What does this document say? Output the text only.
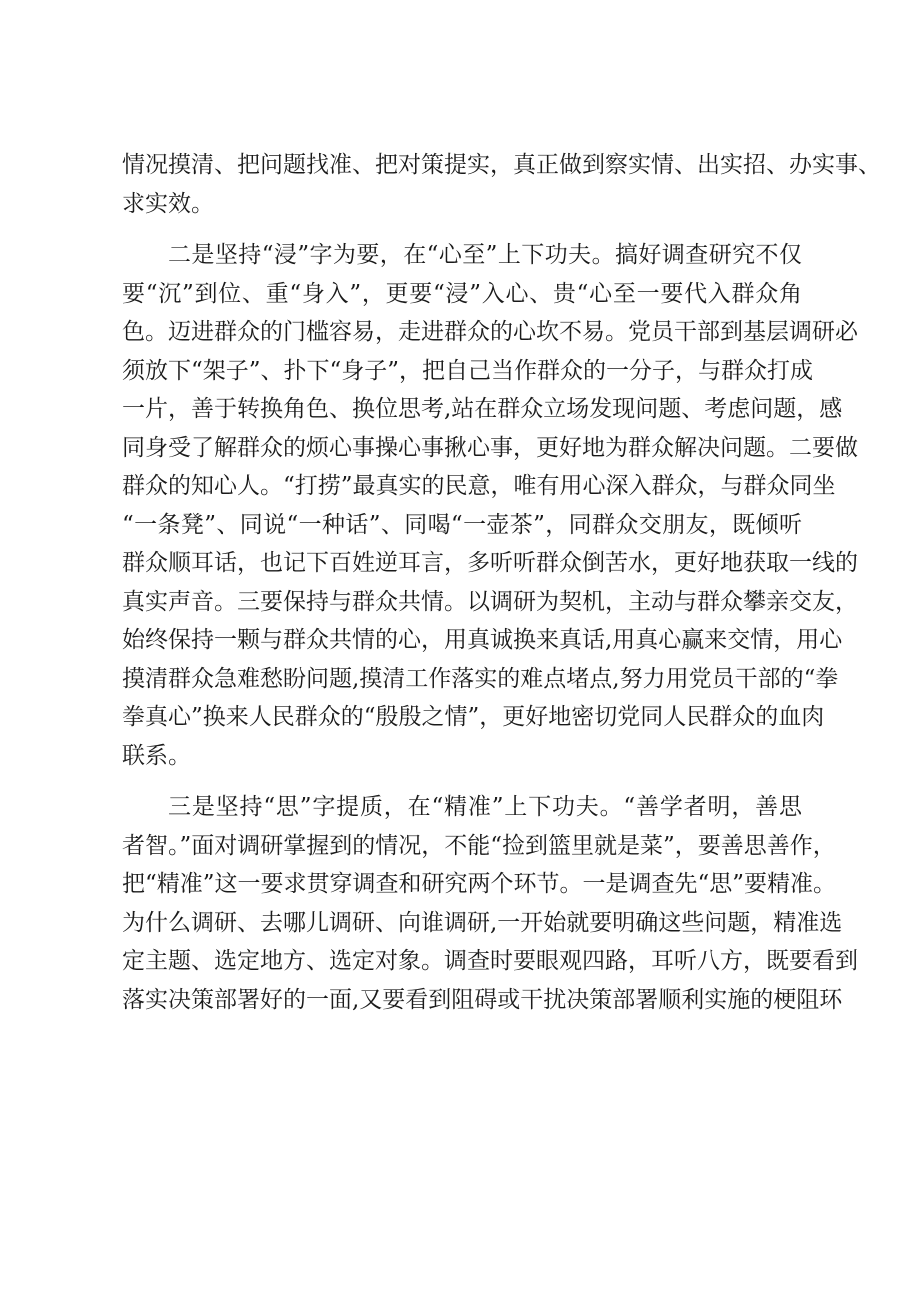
情况摸清、把问题找准、把对策提实，真正做到察实情、出实招、办实事、
求实效。
二是坚持“浸”字为要，在“心至”上下功夫。搞好调查研究不仅
要“沉”到位、重“身入”，更要“浸”入心、贵“心至一要代入群众角
色。迈进群众的门槛容易，走进群众的心坎不易。党员干部到基层调研必
须放下“架子”、扑下“身子”，把自己当作群众的一分子，与群众打成
一片，善于转换角色、换位思考,站在群众立场发现问题、考虑问题，感
同身受了解群众的烦心事操心事揪心事，更好地为群众解决问题。二要做
群众的知心人。“打捞”最真实的民意，唯有用心深入群众，与群众同坐
“一条凳”、同说“一种话”、同喝“一壶茶”，同群众交朋友，既倾听
群众顺耳话，也记下百姓逆耳言，多听听群众倒苦水，更好地获取一线的
真实声音。三要保持与群众共情。以调研为契机，主动与群众攀亲交友，
始终保持一颗与群众共情的心，用真诚换来真话,用真心赢来交情，用心
摸清群众急难愁盼问题,摸清工作落实的难点堵点,努力用党员干部的“拳
拳真心”换来人民群众的“殷殷之情”，更好地密切党同人民群众的血肉
联系。
三是坚持“思”字提质，在“精准”上下功夫。“善学者明，善思
者智。”面对调研掌握到的情况，不能“捡到篮里就是菜”，要善思善作，
把“精准”这一要求贯穿调查和研究两个环节。一是调查先“思”要精准。
为什么调研、去哪儿调研、向谁调研,一开始就要明确这些问题，精准选
定主题、选定地方、选定对象。调查时要眼观四路，耳听八方，既要看到
落实决策部署好的一面,又要看到阻碍或干扰决策部署顺利实施的梗阻环
